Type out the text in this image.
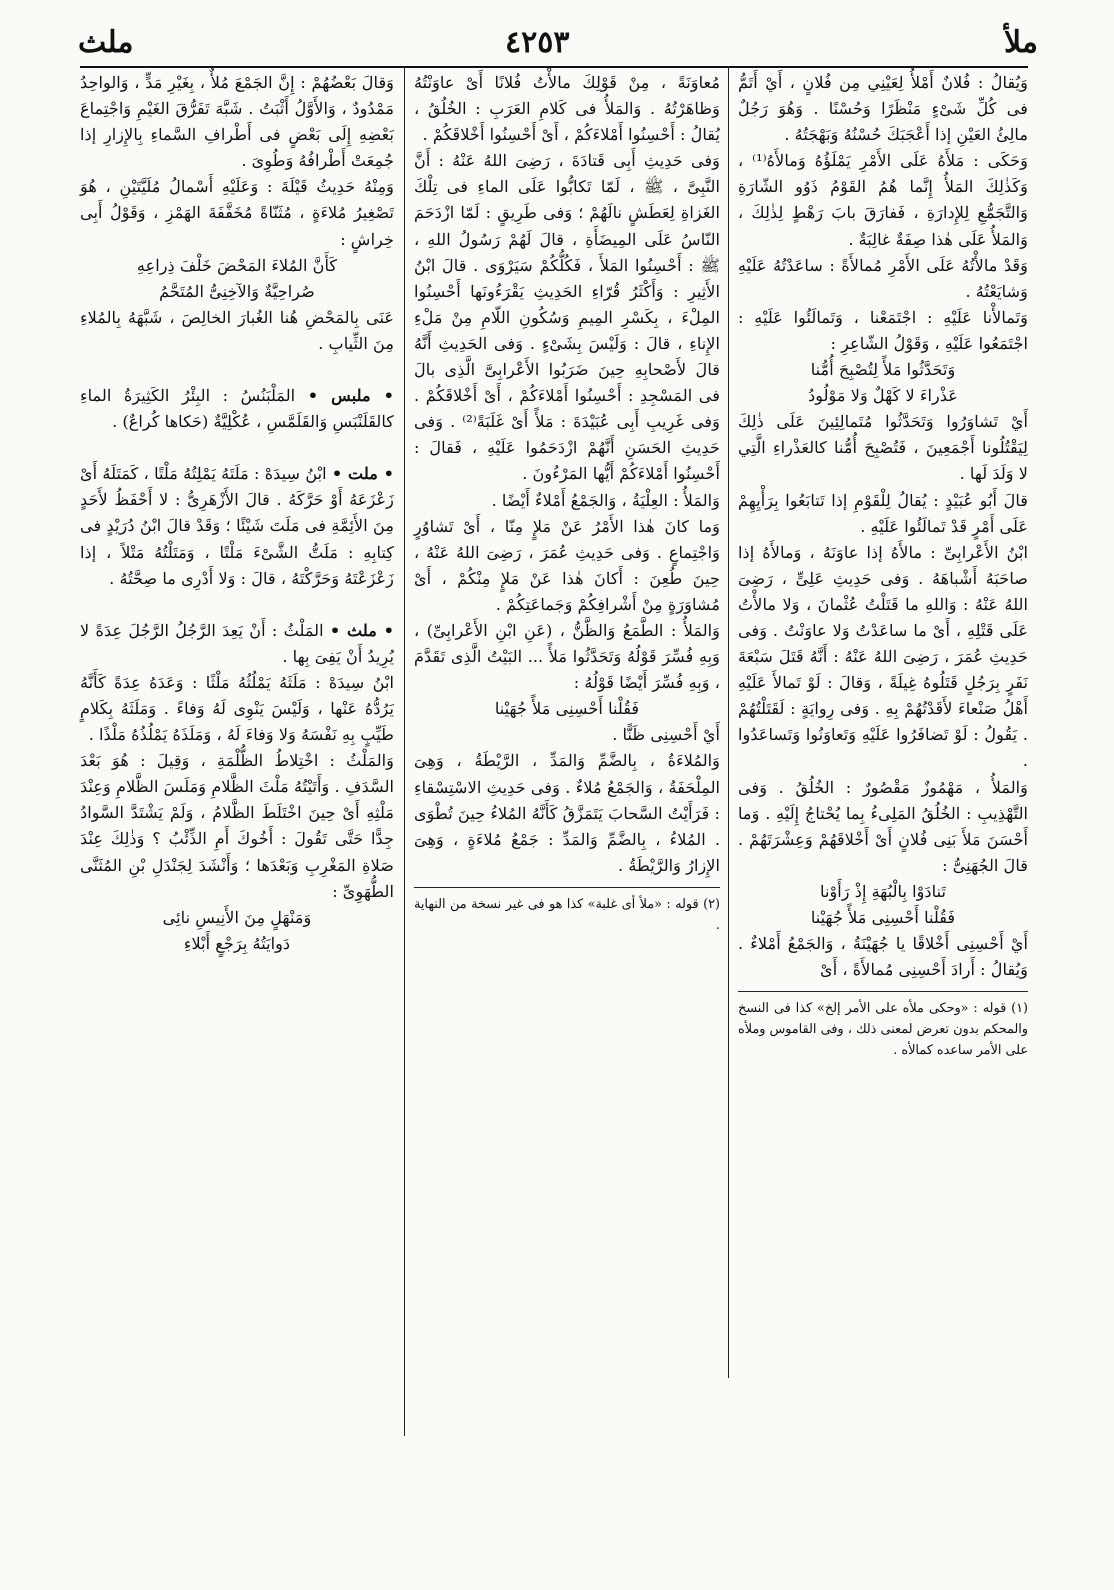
ملث	٤٢٥٣	ملأ

وَيُقالُ : فُلانٌ أَمْلأُ لِعَيْنِي مِن فُلانٍ ، أَيْ أَتَمُّ فى كُلِّ شَىْءٍ مَنْظَرًا وَحُسْنًا . وَهُوَ رَجُلٌ مالِئُ العَيْنِ إذا أَعْجَبَكَ حُسْنُهُ وَبَهْجَتُهُ .

وَحَكَى : مَلأَهُ عَلَى الأَمْرِ يَمْلَؤُهُ وَمالأَهُ⁽¹⁾ ، وَكَذٰلِكَ المَلأُ إِنَّما هُمُ القَوْمُ ذَوُو الشّارَةِ وَالتَّجَمُّعِ لِلإِدارَةِ ، فَفارَقَ بابَ رَهْطٍ لِذٰلِكَ ، وَالمَلأُ عَلَى هٰذا صِفَةٌ غالِبَةٌ .

وَقَدْ مالأْتُهُ عَلَى الأَمْرِ مُمالأَةً : ساعَدْتُهُ عَلَيْهِ وَشايَعْتُهُ .

وَتَمالأْنا عَلَيْهِ : اجْتَمَعْنا ، وَتَمالَئُوا عَلَيْهِ : اجْتَمَعُوا عَلَيْهِ ، وَقَوْلُ الشّاعِرِ :

وَتَحَدَّثُوا مَلأً لِتُصْبِحَ أُمُّنا

عَذْراءَ لا كَهْلٌ وَلا مَوْلُودُ

أَيْ تَشاوَرُوا وَتَحَدَّثُوا مُتَمالِئِينَ عَلَى ذٰلِكَ لِيَقْتُلُونا أَجْمَعِينَ ، فَتُصْبِحَ أُمُّنا كالعَذْراءِ الَّتِي لا وَلَدَ لَها .

قالَ أَبُو عُبَيْدٍ : يُقالُ لِلْقَوْمِ إذا تَتابَعُوا بِرَأْيِهِمْ عَلَى أَمْرٍ قَدْ تَمالَئُوا عَلَيْهِ .

ابْنُ الأَعْرابِىِّ : مالأَهُ إذا عاوَنَهُ ، وَمالأَهُ إذا صاحَبَهُ أَشْباهَهُ . وَفى حَدِيثِ عَلِىٍّ ، رَضِىَ اللهُ عَنْهُ : وَاللهِ ما قَتَلْتُ عُثْمانَ ، وَلا مالأْتُ عَلَى قَتْلِهِ ، أَىْ ما ساعَدْتُ وَلا عاوَنْتُ . وَفى حَدِيثِ عُمَرَ ، رَضِىَ اللهُ عَنْهُ : أَنَّهُ قَتَلَ سَبْعَةَ نَفَرٍ بِرَجُلٍ قَتَلُوهُ غِيلَةً ، وَقالَ : لَوْ تَمالأَ عَلَيْهِ أَهْلُ صَنْعاءَ لأَقَدْتُهُمْ بِهِ . وَفى رِوايَةٍ : لَقَتَلْتُهُمْ . يَقُولُ : لَوْ تَضافَرُوا عَلَيْهِ وَتَعاوَنُوا وَتَساعَدُوا .

وَالمَلأُ ، مَهْمُوزٌ مَقْصُورٌ : الخُلُقُ . وَفى التَّهْذِيبِ : الخُلُقُ المَلِىءُ بِما يُحْتاجُ إِلَيْهِ . وَما أَحْسَنَ مَلأَ بَنِى فُلانٍ أَىْ أَخْلاقَهُمْ وَعِشْرَتَهُمْ . قالَ الجُهَنِىُّ :

تَنادَوْا بِالْبُهَةِ إِذْ رَأَوْنا

فَقُلْنا أَحْسِنِى مَلأً جُهَيْنا

أَيْ أَحْسِنِى أَخْلاقًا يا جُهَيْنَةُ ، وَالجَمْعُ أَمْلاءٌ . وَيُقالُ : أَرادَ أَحْسِنِى مُمالأَةً ، أَىْ

(١) قوله : «وحكى ملأه على الأمر إلخ» كذا فى النسخ والمحكم بدون تعرض لمعنى ذلك ، وفى القاموس وملأه على الأمر ساعده كمالأه .

مُعاوَنَةً ، مِنْ قَوْلِكَ مالأْتُ فُلانًا أَىْ عاوَنْتُهُ وَظاهَرْتُهُ . وَالمَلأُ فى كَلامِ العَرَبِ : الخُلُقُ ، يُقالُ : أَحْسِنُوا أَمْلاءَكُمْ ، أَىْ أَحْسِنُوا أَخْلاقَكُمْ .

وَفى حَدِيثِ أَبِى قَتادَةَ ، رَضِىَ اللهُ عَنْهُ : أَنَّ النَّبِىَّ ، ﷺ ، لَمّا تَكابُّوا عَلَى الماءِ فى تِلْكَ الغَزاةِ لِعَطَشٍ نالَهُمْ ؛ وَفى طَرِيقٍ : لَمّا ازْدَحَمَ النّاسُ عَلَى المِيضَأَةِ ، قالَ لَهُمْ رَسُولُ اللهِ ، ﷺ : أَحْسِنُوا المَلأَ ، فَكُلُّكُمْ سَيَرْوَى . قالَ ابْنُ الأَثِيرِ : وَأَكْثَرُ قُرّاءِ الحَدِيثِ يَقْرَءُونَها أَحْسِنُوا المِلْءَ ، بِكَسْرِ المِيمِ وَسُكُونِ اللّامِ مِنْ مَلْءِ الإِناءِ ، قالَ : وَلَيْسَ بِشَىْءٍ . وَفى الحَدِيثِ أَنَّهُ قالَ لأَصْحابِهِ حِينَ ضَرَبُوا الأَعْرابِىَّ الَّذِى بالَ فى المَسْجِدِ : أَحْسِنُوا أَمْلاءَكُمْ ، أَىْ أَخْلاقَكُمْ . وَفى غَرِيبِ أَبِى عُبَيْدَةَ : مَلأً أَىْ غَلَبَةً⁽²⁾ . وَفى حَدِيثِ الحَسَنِ أَنَّهُمْ ازْدَحَمُوا عَلَيْهِ ، فَقالَ : أَحْسِنُوا أَمْلاءَكُمْ أَيُّها المَرْءُونَ .

وَالمَلأُ : العِلْيَةُ ، وَالجَمْعُ أَمْلاءٌ أَيْضًا .

وَما كانَ هٰذا الأَمْرُ عَنْ مَلإٍ مِنّا ، أَىْ تَشاوُرٍ وَاجْتِماعٍ . وَفى حَدِيثِ عُمَرَ ، رَضِىَ اللهُ عَنْهُ ، حِينَ طُعِنَ : أَكانَ هٰذا عَنْ مَلإٍ مِنْكُمْ ، أَىْ مُشاوَرَةٍ مِنْ أَشْرافِكُمْ وَجَماعَتِكُمْ .

وَالمَلأُ : الطَّمَعُ وَالظَّنُّ ، (عَنِ ابْنِ الأَعْرابِىِّ) ، وَبِهِ فُسِّرَ قَوْلُهُ وَتَحَدَّثُوا مَلأً ... البَيْتُ الَّذِى تَقَدَّمَ ، وَبِهِ فُسِّرَ أَيْضًا قَوْلُهُ :

فَقُلْنا أَحْسِنِى مَلأً جُهَيْنا

أَيْ أَحْسِنِى ظَنًّا .

وَالمُلاءَةُ ، بِالضَّمِّ وَالمَدِّ ، الرَّيْطَةُ ، وَهِىَ المِلْحَفَةُ ، وَالجَمْعُ مُلاءٌ . وَفى حَدِيثِ الاسْتِسْقاءِ : فَرَأَيْتُ السَّحابَ يَتَمَزَّقُ كَأَنَّهُ المُلاءُ حِينَ تُطْوَى . المُلاءُ ، بِالضَّمِّ وَالمَدِّ : جَمْعُ مُلاءَةٍ ، وَهِىَ الإِزارُ وَالرَّيْطَةُ .

(٢) قوله : «ملأ أى غلبة» كذا هو فى غير نسخة من النهاية .

وَقالَ بَعْضُهُمْ : إِنَّ الجَمْعَ مُلأٌ ، بِغَيْرِ مَدٍّ ، وَالواحِدُ مَمْدُودٌ ، وَالأَوَّلُ أَثْبَتُ . شَبَّهَ تَفَرُّقَ الغَيْمِ وَاجْتِماعَ بَعْضِهِ إِلَى بَعْضٍ فى أَطْرافِ السَّماءِ بِالإِزارِ إذا جُمِعَتْ أَطْرافُهُ وَطُوِىَ .

وَمِنْهُ حَدِيثُ قَيْلَةَ : وَعَلَيْهِ أَسْمالُ مُلَيَّتَيْنِ ، هُوَ تَصْغِيرُ مُلاءَةٍ ، مُثَنّاةً مُخَفَّفَةَ الهَمْزِ ، وَقَوْلُ أَبِى خِراشٍ :

كَأَنَّ المُلاءَ المَحْضَ خَلْفَ ذِراعِهِ

صُراحِيَّةٌ وَالآخِنِىُّ المُتَحَّمُ

عَنَى بِالمَحْضِ هُنا الغُبارَ الخالِصَ ، شَبَّهَهُ بِالمُلاءِ مِنَ الثِّيابِ .

• ملبس • المَلْبَنُسُ : البِئْرُ الكَثِيرَةُ الماءِ كالقَلَنْبَسِ وَالقَلَمَّسِ ، عُكْلِيَّةٌ (حَكاها كُراعٌ) .

• ملت • ابْنُ سِيدَهْ : مَلَتَهُ يَمْلِتُهُ مَلْتًا ، كَمَتَلَهُ أَىْ زَعْزَعَهُ أَوْ حَرَّكَهُ . قالَ الأَزْهَرِىُّ : لا أَحْفَظُ لأَحَدٍ مِنَ الأَئِمَّةِ فى مَلَتَ شَيْئًا ؛ وَقَدْ قالَ ابْنُ دُرَيْدٍ فى كِتابِهِ : مَلَتُّ الشَّىْءَ مَلْتًا ، وَمَتَلْتُهُ مَتْلاً ، إذا زَعْزَعْتَهُ وَحَرَّكْتَهُ ، قالَ : وَلا أَدْرِى ما صِحَّتُهُ .

• ملث • المَلْثُ : أَنْ يَعِدَ الرَّجُلُ الرَّجُلَ عِدَةً لا يُرِيدُ أَنْ يَفِىَ بِها .

ابْنُ سِيدَهْ : مَلَثَهُ يَمْلُثُهُ مَلْثًا : وَعَدَهُ عِدَةً كَأَنَّهُ يَرُدُّهُ عَنْها ، وَلَيْسَ يَنْوِى لَهُ وَفاءً . وَمَلَثَهُ بِكَلامٍ طَيِّبٍ بِهِ نَفْسَهُ وَلا وَفاءَ لَهُ ، وَمَلَذَهُ يَمْلُذُهُ مَلْذًا .

وَالمَلْثُ : اخْتِلاطُ الظُّلْمَةِ ، وَقِيلَ : هُوَ بَعْدَ السَّدَفِ . وَأَتَيْتُهُ مَلْثَ الظَّلامِ وَمَلَسَ الظَّلامِ وَعِنْدَ مَلْثِهِ أَىْ حِينَ اخْتَلَطَ الظَّلامُ ، وَلَمْ يَشْتَدَّ السَّوادُ جِدًّا حَتَّى تَقُولَ : أَخُوكَ أَمِ الذِّئْبُ ؟ وَذٰلِكَ عِنْدَ صَلاةِ المَغْرِبِ وَبَعْدَها ؛ وَأَنْشَدَ لِجَنْدَلِ بْنِ المُثَنَّى الطُّهَوِىِّ :

وَمَنْهَلٍ مِنَ الأَنِيسِ نائِى

دَوايَتُهُ بِرَجْعٍ أَبْلاءِ
